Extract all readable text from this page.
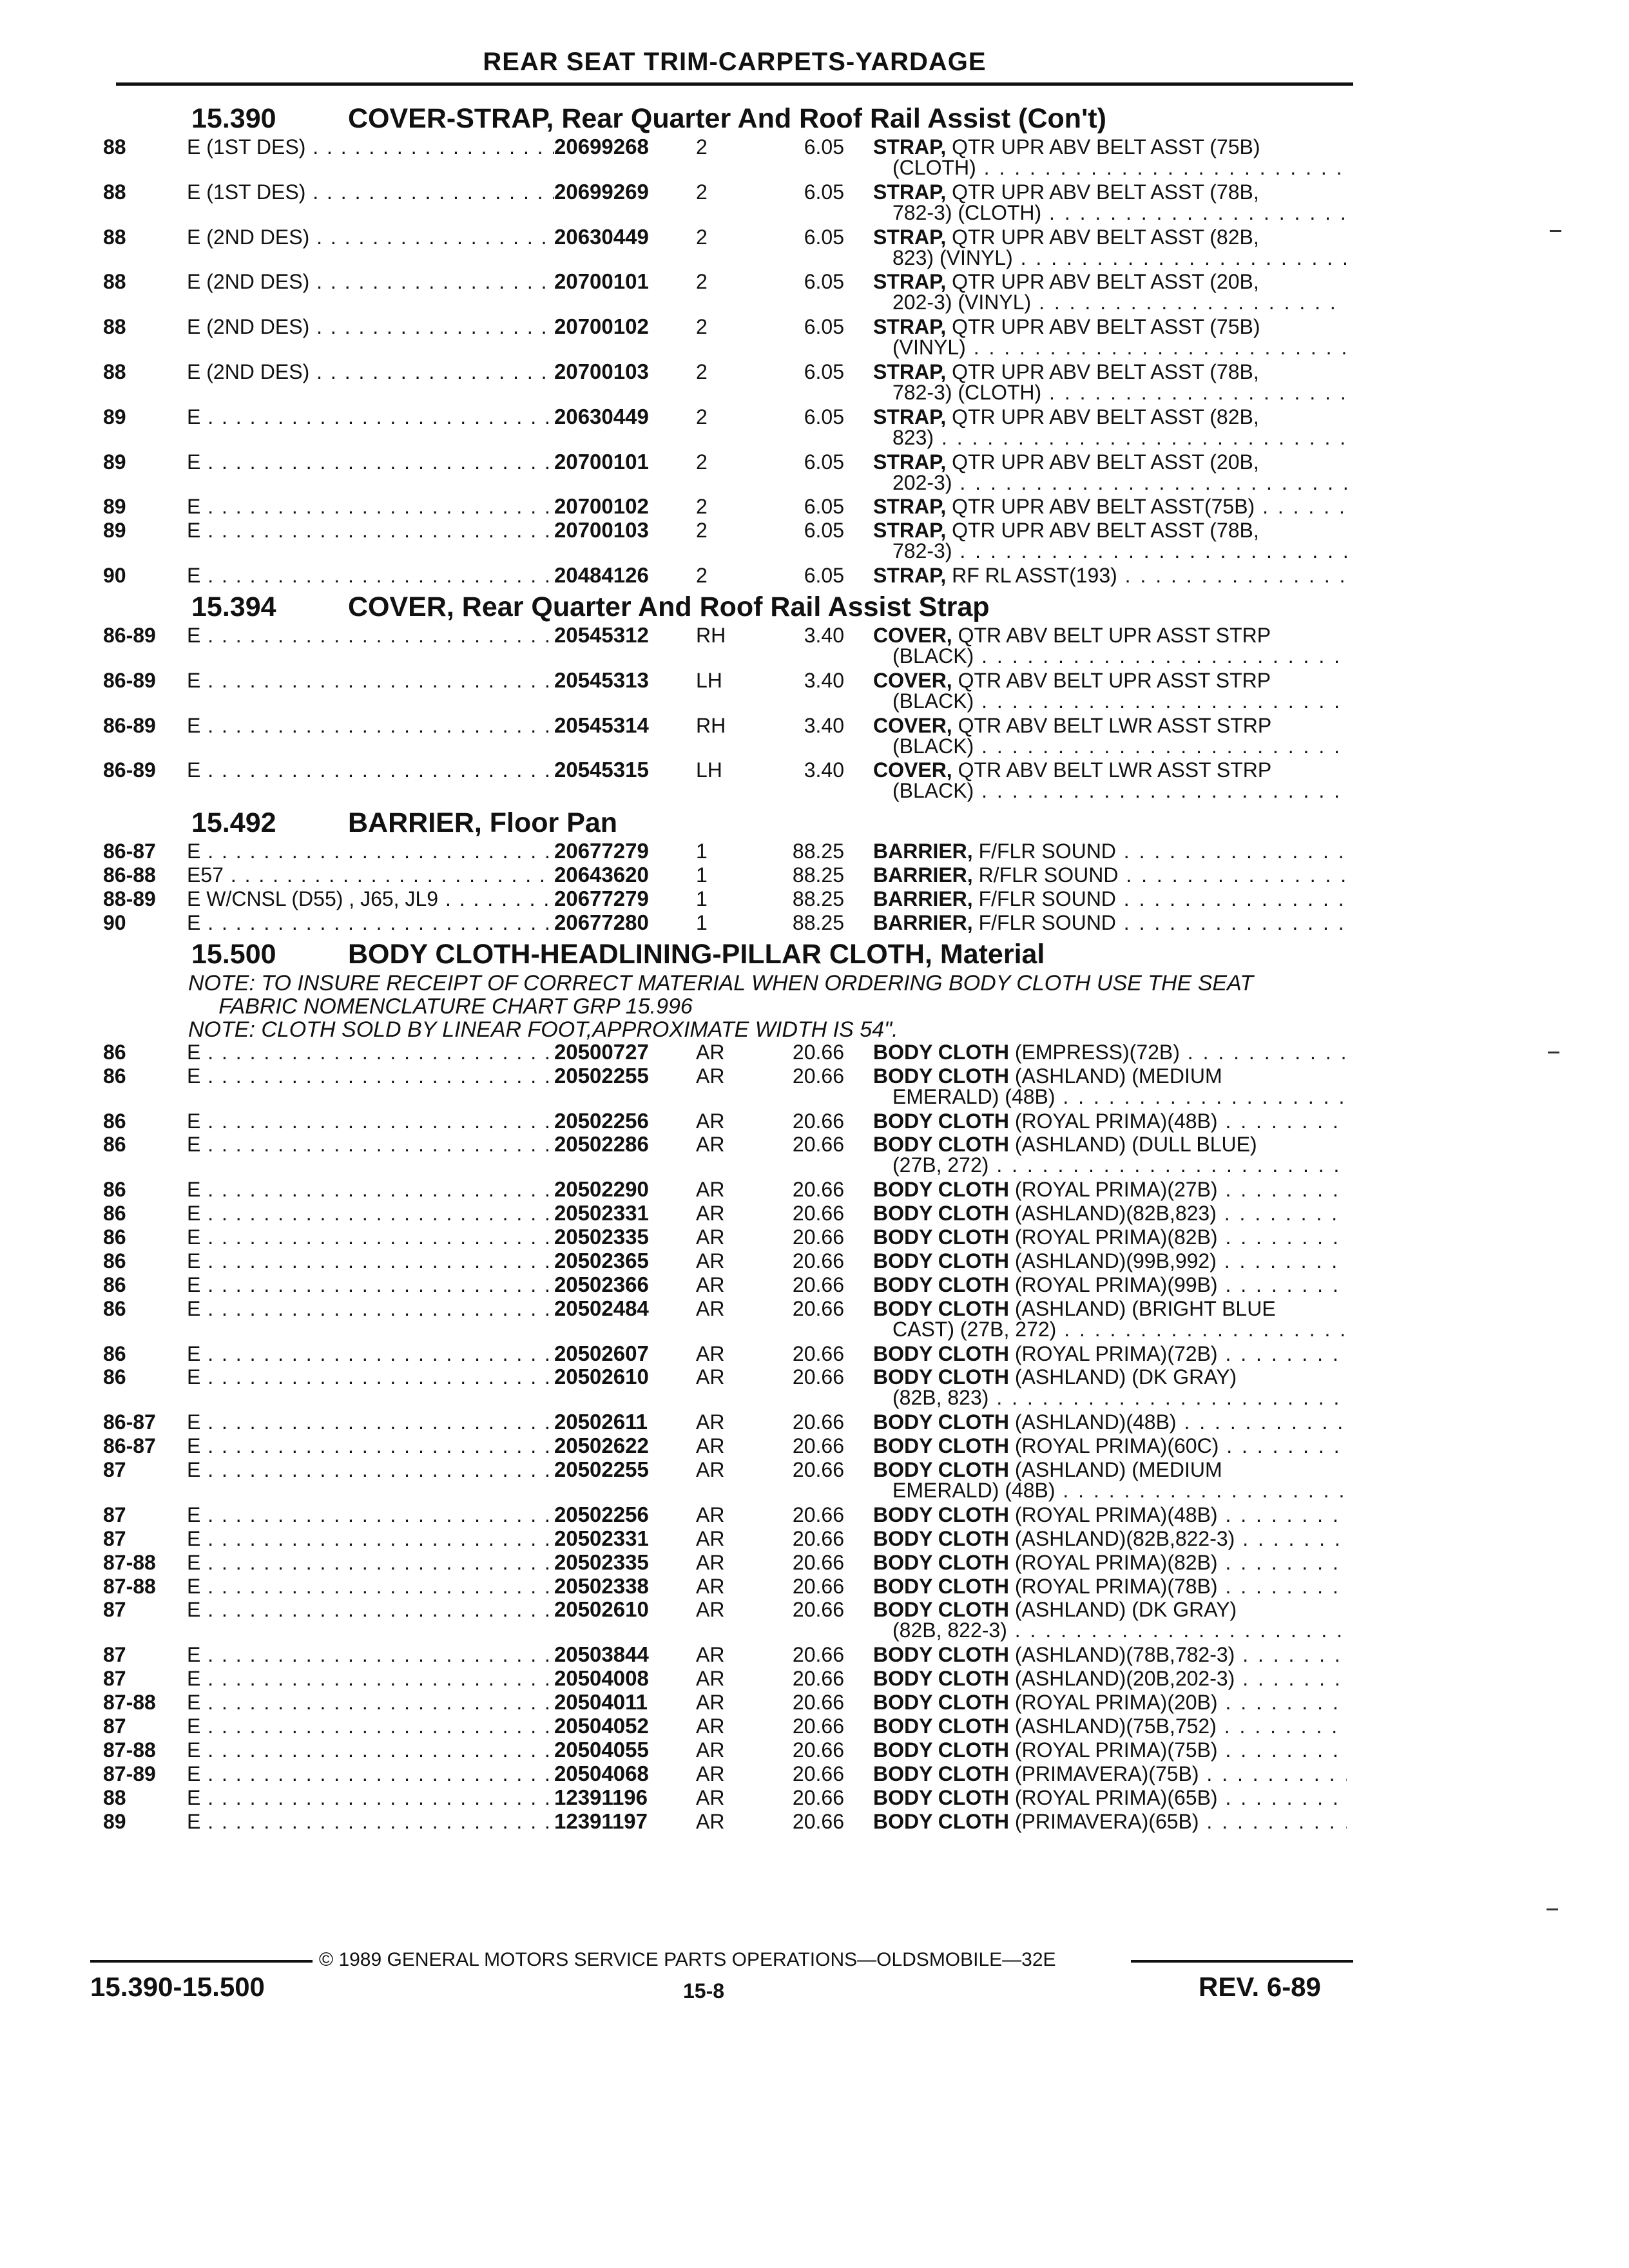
REAR SEAT TRIM-CARPETS-YARDAGE
15.390	COVER-STRAP, Rear Quarter And Roof Rail Assist (Con't)
88	E (1ST DES) . . .	20699268 2	6.05 STRAP, QTR UPR ABV BELT ASST (75B)
(CLOTH) . . .
88	E (1ST DES) . . .	20699269 2	6.05 STRAP, QTR UPR ABV BELT ASST (78B,
782-3) (CLOTH) . . .
88	E (2ND DES) . . .	20630449 2	6.05 STRAP, QTR UPR ABV BELT ASST (82B,
823) (VINYL) . . .
88	E (2ND DES) . . .	20700101 2	6.05 STRAP, QTR UPR ABV BELT ASST (20B,
202-3) (VINYL) . . .
88	E (2ND DES) . . .	20700102 2	6.05 STRAP, QTR UPR ABV BELT ASST (75B)
(VINYL) . . .
88	E (2ND DES) . . .	20700103 2	6.05 STRAP, QTR UPR ABV BELT ASST (78B,
782-3) (CLOTH) . . .
89	E . . .	20630449 2	6.05 STRAP, QTR UPR ABV BELT ASST (82B,
823) . . .
89	E . . .	20700101 2	6.05 STRAP, QTR UPR ABV BELT ASST (20B,
202-3) . . .
89	E . . .	20700102 2	6.05 STRAP, QTR UPR ABV BELT ASST(75B) . . .
89	E . . .	20700103 2	6.05 STRAP, QTR UPR ABV BELT ASST (78B,
782-3) . . .
90	E . . .	20484126 2	6.05 STRAP, RF RL ASST(193) . . .
15.394	COVER, Rear Quarter And Roof Rail Assist Strap
86-89 E . . .	20545312 RH	3.40 COVER, QTR ABV BELT UPR ASST STRP
(BLACK) . . .
86-89 E . . .	20545313 LH	3.40 COVER, QTR ABV BELT UPR ASST STRP
(BLACK) . . .
86-89 E . . .	20545314 RH	3.40 COVER, QTR ABV BELT LWR ASST STRP
(BLACK) . . .
86-89 E . . .	20545315 LH	3.40 COVER, QTR ABV BELT LWR ASST STRP
(BLACK) . . .
15.492	BARRIER, Floor Pan
86-87 E . . .	20677279 1	88.25 BARRIER, F/FLR SOUND . . .
86-88 E57 . . .	20643620 1	88.25 BARRIER, R/FLR SOUND . . .
88-89 E W/CNSL (D55) , J65, JL9 . . .	20677279 1	88.25 BARRIER, F/FLR SOUND . . .
90	E . . .	20677280 1	88.25 BARRIER, F/FLR SOUND . . .
15.500	BODY CLOTH-HEADLINING-PILLAR CLOTH, Material
NOTE: TO INSURE RECEIPT OF CORRECT MATERIAL WHEN ORDERING BODY CLOTH USE THE SEAT
FABRIC NOMENCLATURE CHART GRP 15.996
NOTE: CLOTH SOLD BY LINEAR FOOT,APPROXIMATE WIDTH IS 54".
86	E . . .	20500727 AR	20.66 BODY CLOTH (EMPRESS)(72B) . . .
86	E . . .	20502255 AR	20.66 BODY CLOTH (ASHLAND) (MEDIUM
EMERALD) (48B) . . .
86	E . . .	20502256 AR	20.66 BODY CLOTH (ROYAL PRIMA)(48B) . . .
86	E . . .	20502286 AR	20.66 BODY CLOTH (ASHLAND) (DULL BLUE)
(27B, 272) . . .
86	E . . .	20502290 AR	20.66 BODY CLOTH (ROYAL PRIMA)(27B) . . .
86	E . . .	20502331 AR	20.66 BODY CLOTH (ASHLAND)(82B,823) . . .
86	E . . .	20502335 AR	20.66 BODY CLOTH (ROYAL PRIMA)(82B) . . .
86	E . . .	20502365 AR	20.66 BODY CLOTH (ASHLAND)(99B,992) . . .
86	E . . .	20502366 AR	20.66 BODY CLOTH (ROYAL PRIMA)(99B) . . .
86	E . . .	20502484 AR	20.66 BODY CLOTH (ASHLAND) (BRIGHT BLUE
CAST) (27B, 272) . . .
86	E . . .	20502607 AR	20.66 BODY CLOTH (ROYAL PRIMA)(72B) . . .
86	E . . .	20502610 AR	20.66 BODY CLOTH (ASHLAND) (DK GRAY)
(82B, 823) . . .
86-87 E . . .	20502611 AR	20.66 BODY CLOTH (ASHLAND)(48B) . . .
86-87 E . . .	20502622 AR	20.66 BODY CLOTH (ROYAL PRIMA)(60C) . . .
87	E . . .	20502255 AR	20.66 BODY CLOTH (ASHLAND) (MEDIUM
EMERALD) (48B) . . .
87	E . . .	20502256 AR	20.66 BODY CLOTH (ROYAL PRIMA)(48B) . . .
87	E . . .	20502331 AR	20.66 BODY CLOTH (ASHLAND)(82B,822-3) . . .
87-88 E . . .	20502335 AR	20.66 BODY CLOTH (ROYAL PRIMA)(82B) . . .
87-88 E . . .	20502338 AR	20.66 BODY CLOTH (ROYAL PRIMA)(78B) . . .
87	E . . .	20502610 AR	20.66 BODY CLOTH (ASHLAND) (DK GRAY)
(82B, 822-3) . . .
87	E . . .	20503844 AR	20.66 BODY CLOTH (ASHLAND)(78B,782-3) . . .
87	E . . .	20504008 AR	20.66 BODY CLOTH (ASHLAND)(20B,202-3) . . .
87-88 E . . .	20504011 AR	20.66 BODY CLOTH (ROYAL PRIMA)(20B) . . .
87	E . . .	20504052 AR	20.66 BODY CLOTH (ASHLAND)(75B,752) . . .
87-88 E . . .	20504055 AR	20.66 BODY CLOTH (ROYAL PRIMA)(75B) . . .
87-89 E . . .	20504068 AR	20.66 BODY CLOTH (PRIMAVERA)(75B) . . .
88	E . . .	12391196 AR	20.66 BODY CLOTH (ROYAL PRIMA)(65B) . . .
89	E . . .	12391197 AR	20.66 BODY CLOTH (PRIMAVERA)(65B) . . .
© 1989 GENERAL MOTORS SERVICE PARTS OPERATIONS—OLDSMOBILE—32E
15.390-15.500	15-8	REV. 6-89
